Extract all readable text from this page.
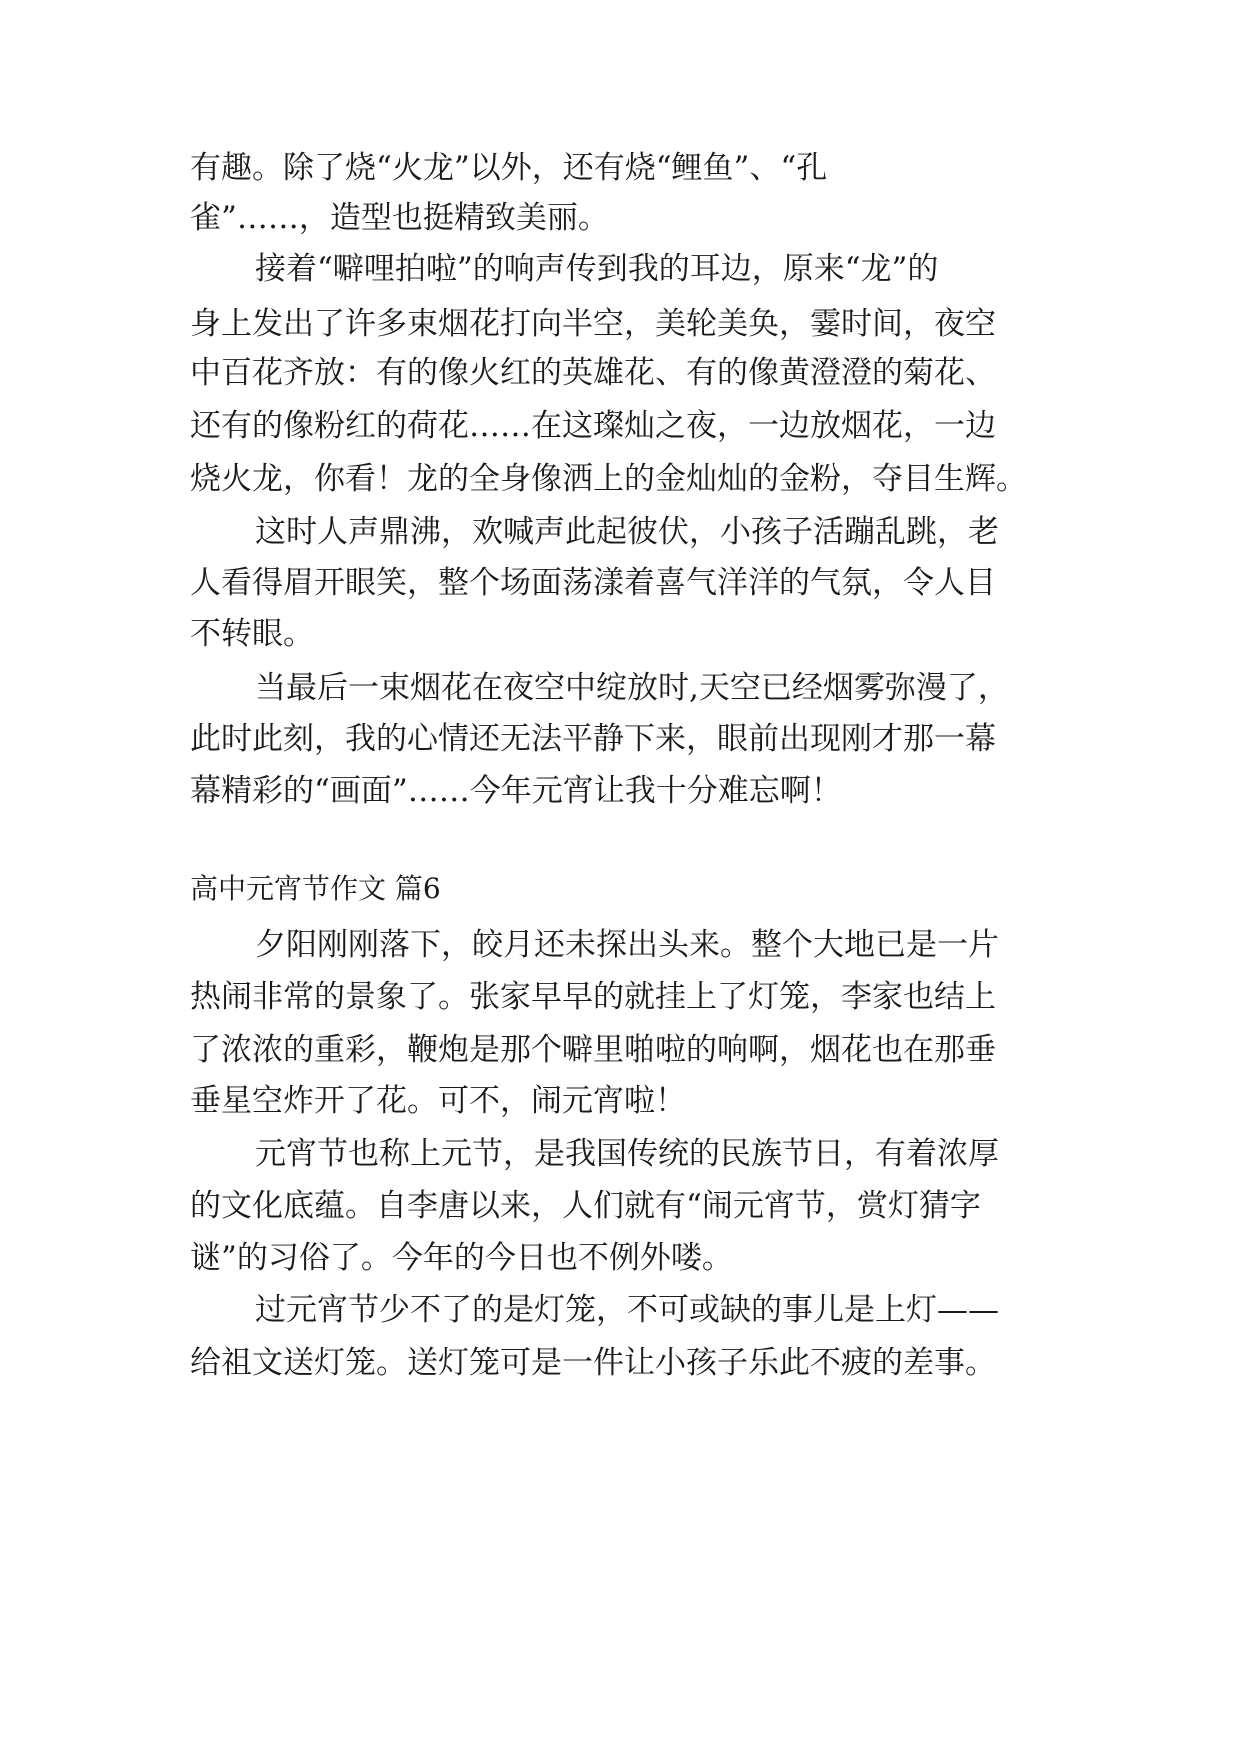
有趣。除了烧“火龙”以外，还有烧“鲤鱼”、“孔
雀”……，造型也挺精致美丽。
接着“噼哩拍啦”的响声传到我的耳边，原来“龙”的
身上发出了许多束烟花打向半空，美轮美奂，霎时间，夜空
中百花齐放：有的像火红的英雄花、有的像黄澄澄的菊花、
还有的像粉红的荷花……在这璨灿之夜，一边放烟花，一边
烧火龙，你看！龙的全身像洒上的金灿灿的金粉，夺目生辉。
这时人声鼎沸，欢喊声此起彼伏，小孩子活蹦乱跳，老
人看得眉开眼笑，整个场面荡漾着喜气洋洋的气氛，令人目
不转眼。
当最后一束烟花在夜空中绽放时,天空已经烟雾弥漫了，
此时此刻，我的心情还无法平静下来，眼前出现刚才那一幕
幕精彩的“画面”……今年元宵让我十分难忘啊！
高中元宵节作文 篇6
夕阳刚刚落下，皎月还未探出头来。整个大地已是一片
热闹非常的景象了。张家早早的就挂上了灯笼，李家也结上
了浓浓的重彩，鞭炮是那个噼里啪啦的响啊，烟花也在那垂
垂星空炸开了花。可不，闹元宵啦！
元宵节也称上元节，是我国传统的民族节日，有着浓厚
的文化底蕴。自李唐以来，人们就有“闹元宵节，赏灯猜字
谜”的习俗了。今年的今日也不例外喽。
过元宵节少不了的是灯笼，不可或缺的事儿是上灯——
给祖文送灯笼。送灯笼可是一件让小孩子乐此不疲的差事。
